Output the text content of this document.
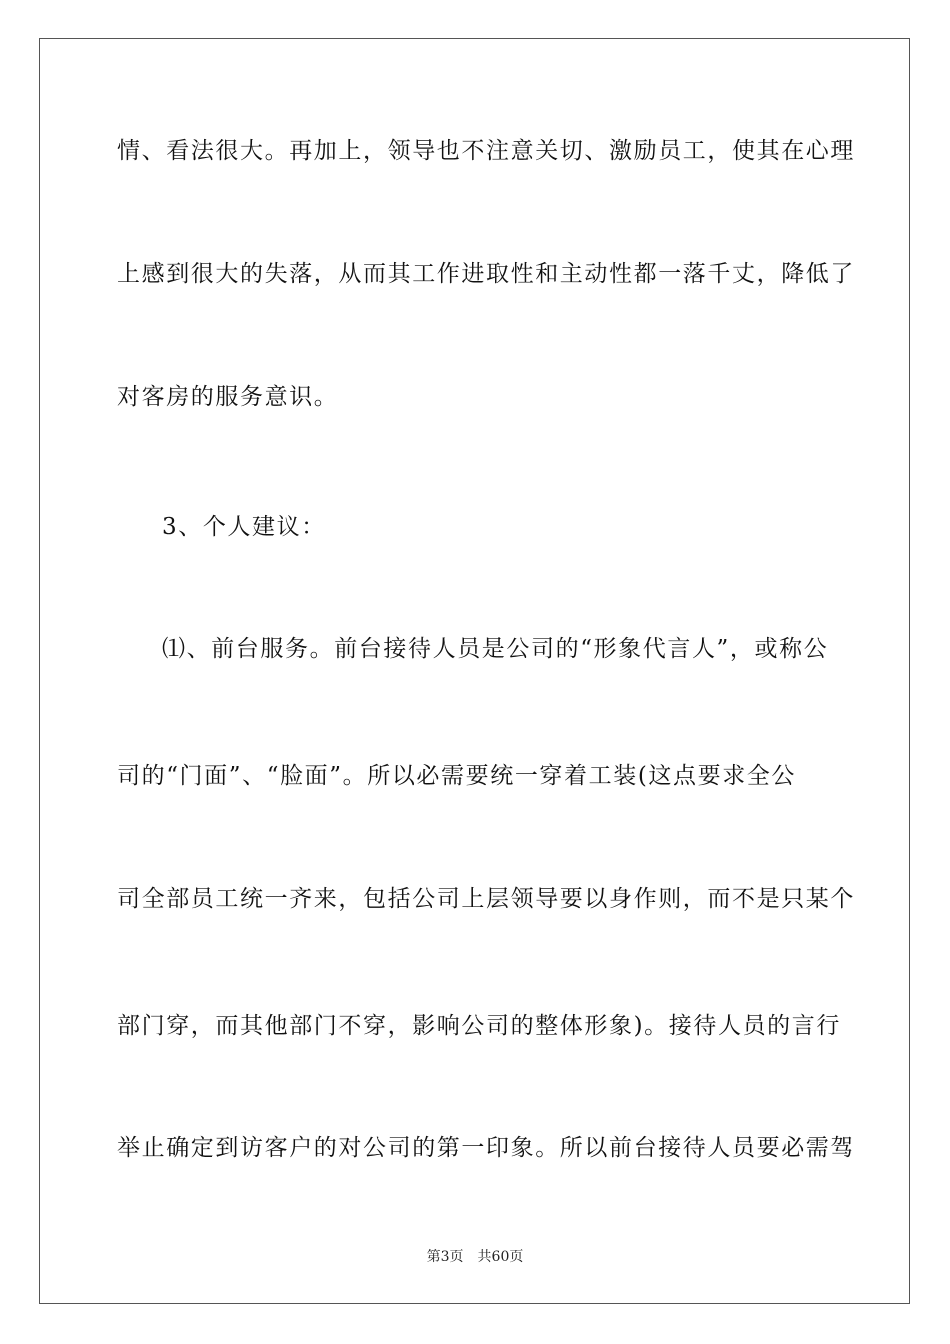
情、看法很大。再加上，领导也不注意关切、激励员工，使其在心理
上感到很大的失落，从而其工作进取性和主动性都一落千丈，降低了
对客房的服务意识。
3、个人建议：
⑴、前台服务。前台接待人员是公司的“形象代言人”，或称公
司的“门面”、“脸面”。所以必需要统一穿着工装(这点要求全公
司全部员工统一齐来，包括公司上层领导要以身作则，而不是只某个
部门穿，而其他部门不穿，影响公司的整体形象)。接待人员的言行
举止确定到访客户的对公司的第一印象。所以前台接待人员要必需驾
第3页 共60页
